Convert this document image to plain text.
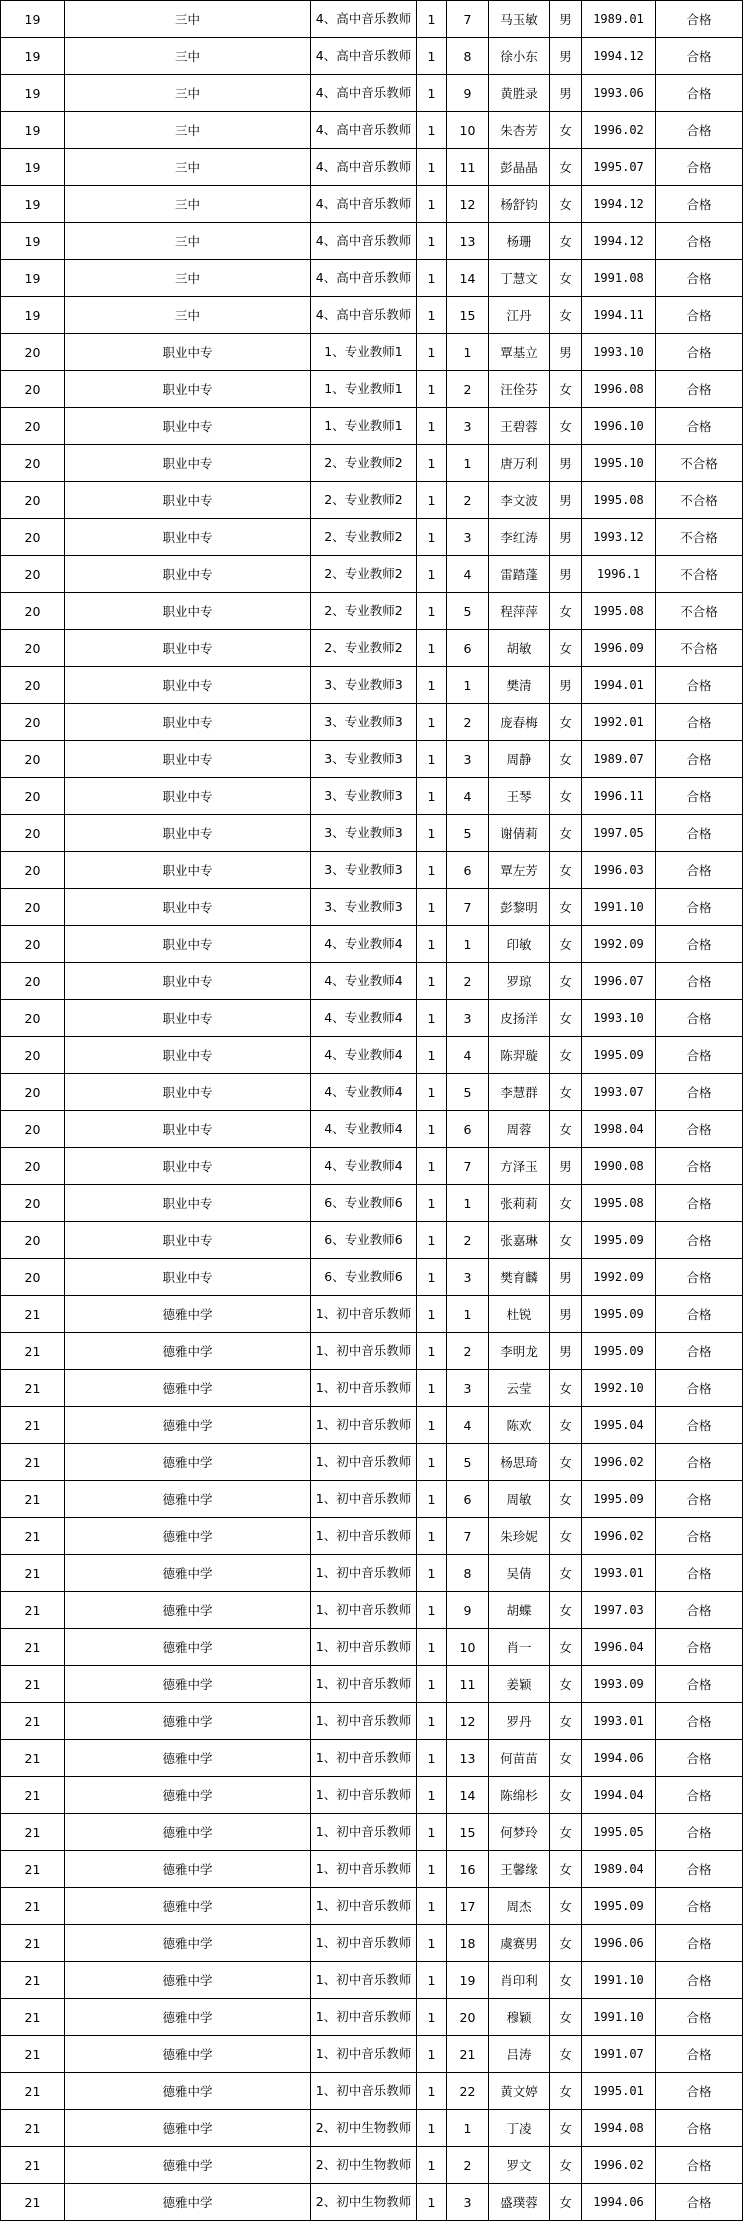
19	三中	4、高中音乐教师	1	7	马玉敏	男	1989.01	合格
19	三中	4、高中音乐教师	1	8	徐小东	男	1994.12	合格
19	三中	4、高中音乐教师	1	9	黄胜录	男	1993.06	合格
19	三中	4、高中音乐教师	1	10	朱杏芳	女	1996.02	合格
19	三中	4、高中音乐教师	1	11	彭晶晶	女	1995.07	合格
19	三中	4、高中音乐教师	1	12	杨舒钧	女	1994.12	合格
19	三中	4、高中音乐教师	1	13	杨珊	女	1994.12	合格
19	三中	4、高中音乐教师	1	14	丁慧文	女	1991.08	合格
19	三中	4、高中音乐教师	1	15	江丹	女	1994.11	合格
20	职业中专	1、专业教师1	1	1	覃基立	男	1993.10	合格
20	职业中专	1、专业教师1	1	2	汪佺芬	女	1996.08	合格
20	职业中专	1、专业教师1	1	3	王碧蓉	女	1996.10	合格
20	职业中专	2、专业教师2	1	1	唐万利	男	1995.10	不合格
20	职业中专	2、专业教师2	1	2	李文波	男	1995.08	不合格
20	职业中专	2、专业教师2	1	3	李红涛	男	1993.12	不合格
20	职业中专	2、专业教师2	1	4	雷踏蓬	男	1996.1	不合格
20	职业中专	2、专业教师2	1	5	程萍萍	女	1995.08	不合格
20	职业中专	2、专业教师2	1	6	胡敏	女	1996.09	不合格
20	职业中专	3、专业教师3	1	1	樊清	男	1994.01	合格
20	职业中专	3、专业教师3	1	2	庞春梅	女	1992.01	合格
20	职业中专	3、专业教师3	1	3	周静	女	1989.07	合格
20	职业中专	3、专业教师3	1	4	王琴	女	1996.11	合格
20	职业中专	3、专业教师3	1	5	谢倩莉	女	1997.05	合格
20	职业中专	3、专业教师3	1	6	覃左芳	女	1996.03	合格
20	职业中专	3、专业教师3	1	7	彭黎明	女	1991.10	合格
20	职业中专	4、专业教师4	1	1	印敏	女	1992.09	合格
20	职业中专	4、专业教师4	1	2	罗琼	女	1996.07	合格
20	职业中专	4、专业教师4	1	3	皮扬洋	女	1993.10	合格
20	职业中专	4、专业教师4	1	4	陈羿璇	女	1995.09	合格
20	职业中专	4、专业教师4	1	5	李慧群	女	1993.07	合格
20	职业中专	4、专业教师4	1	6	周蓉	女	1998.04	合格
20	职业中专	4、专业教师4	1	7	方泽玉	男	1990.08	合格
20	职业中专	6、专业教师6	1	1	张莉莉	女	1995.08	合格
20	职业中专	6、专业教师6	1	2	张嘉琳	女	1995.09	合格
20	职业中专	6、专业教师6	1	3	樊育麟	男	1992.09	合格
21	德雅中学	1、初中音乐教师	1	1	杜锐	男	1995.09	合格
21	德雅中学	1、初中音乐教师	1	2	李明龙	男	1995.09	合格
21	德雅中学	1、初中音乐教师	1	3	云莹	女	1992.10	合格
21	德雅中学	1、初中音乐教师	1	4	陈欢	女	1995.04	合格
21	德雅中学	1、初中音乐教师	1	5	杨思琦	女	1996.02	合格
21	德雅中学	1、初中音乐教师	1	6	周敏	女	1995.09	合格
21	德雅中学	1、初中音乐教师	1	7	朱珍妮	女	1996.02	合格
21	德雅中学	1、初中音乐教师	1	8	吴倩	女	1993.01	合格
21	德雅中学	1、初中音乐教师	1	9	胡蝶	女	1997.03	合格
21	德雅中学	1、初中音乐教师	1	10	肖一	女	1996.04	合格
21	德雅中学	1、初中音乐教师	1	11	姜颖	女	1993.09	合格
21	德雅中学	1、初中音乐教师	1	12	罗丹	女	1993.01	合格
21	德雅中学	1、初中音乐教师	1	13	何苗苗	女	1994.06	合格
21	德雅中学	1、初中音乐教师	1	14	陈绵杉	女	1994.04	合格
21	德雅中学	1、初中音乐教师	1	15	何梦玲	女	1995.05	合格
21	德雅中学	1、初中音乐教师	1	16	王馨缘	女	1989.04	合格
21	德雅中学	1、初中音乐教师	1	17	周杰	女	1995.09	合格
21	德雅中学	1、初中音乐教师	1	18	虞赛男	女	1996.06	合格
21	德雅中学	1、初中音乐教师	1	19	肖印利	女	1991.10	合格
21	德雅中学	1、初中音乐教师	1	20	穆颖	女	1991.10	合格
21	德雅中学	1、初中音乐教师	1	21	吕涛	女	1991.07	合格
21	德雅中学	1、初中音乐教师	1	22	黄文婷	女	1995.01	合格
21	德雅中学	2、初中生物教师	1	1	丁凌	女	1994.08	合格
21	德雅中学	2、初中生物教师	1	2	罗文	女	1996.02	合格
21	德雅中学	2、初中生物教师	1	3	盛璞蓉	女	1994.06	合格
